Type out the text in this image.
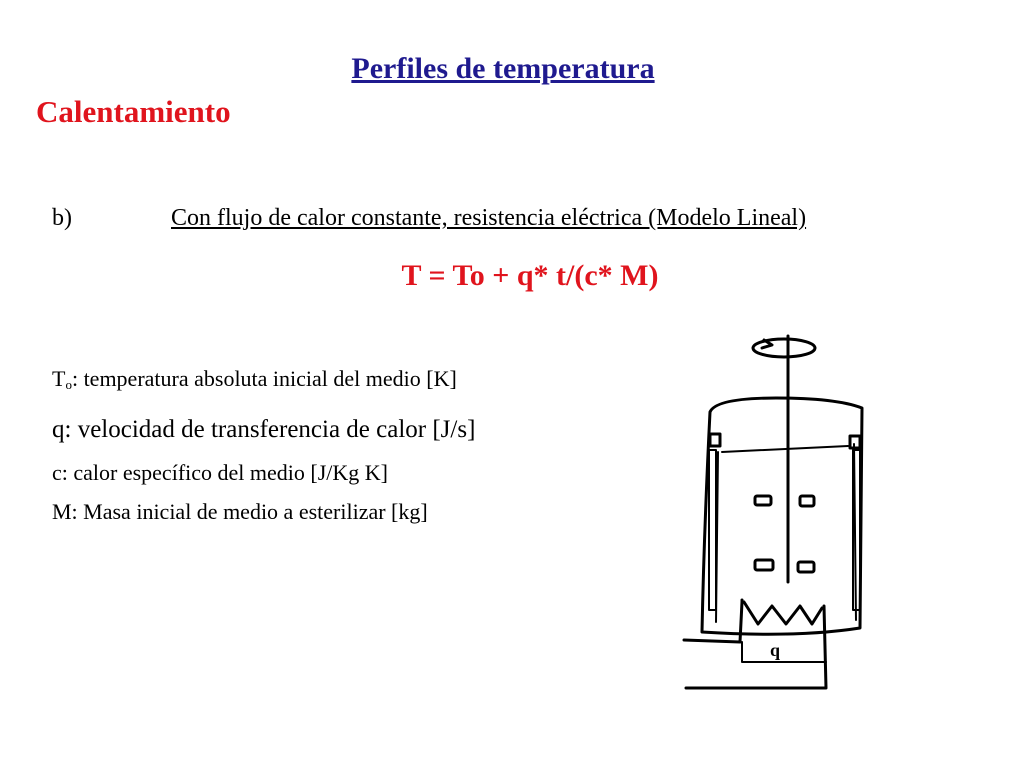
Perfiles de temperatura
Calentamiento
b)	Con flujo de calor constante, resistencia eléctrica (Modelo Lineal)
T = To + q* t/(c* M)
$T_o$: temperatura absoluta inicial del medio [K]
q: velocidad de transferencia de calor [J/s]
c: calor específico del medio [J/Kg K]
M: Masa inicial de medio a esterilizar [kg]
q
